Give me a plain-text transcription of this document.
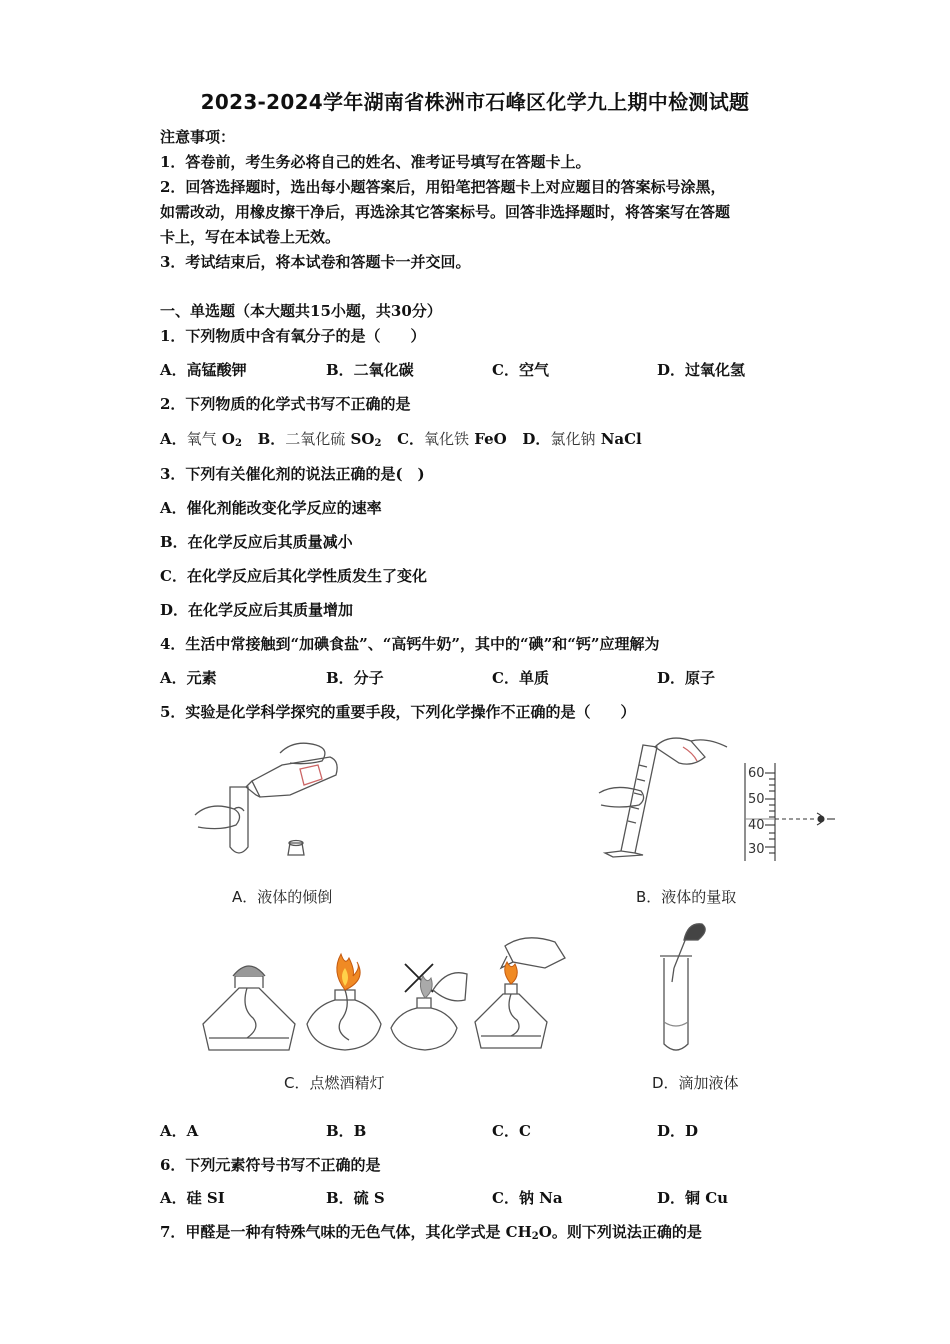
2023-2024学年湖南省株洲市石峰区化学九上期中检测试题
注意事项：
1．答卷前，考生务必将自己的姓名、准考证号填写在答题卡上。
2．回答选择题时，选出每小题答案后，用铅笔把答题卡上对应题目的答案标号涂黑，
如需改动，用橡皮擦干净后，再选涂其它答案标号。回答非选择题时，将答案写在答题
卡上，写在本试卷上无效。
3．考试结束后，将本试卷和答题卡一并交回。
一、单选题（本大题共15小题，共30分）
1．下列物质中含有氧分子的是（　　）
A．高锰酸钾	B．二氧化碳	C．空气	D．过氧化氢
2．下列物质的化学式书写不正确的是
A．氧气 $O_2$ B．二氧化硫 $SO_2$ C．氧化铁 FeO D．氯化钠 NaCl
3．下列有关催化剂的说法正确的是(　)
A．催化剂能改变化学反应的速率
B．在化学反应后其质量减小
C．在化学反应后其化学性质发生了变化
D．在化学反应后其质量增加
4．生活中常接触到“加碘食盐”、“高钙牛奶”，其中的“碘”和“钙”应理解为
A．元素	B．分子	C．单质	D．原子
5．实验是化学科学探究的重要手段，下列化学操作不正确的是（　　）
60
50
40
30
A．液体的倾倒	B．液体的量取
C．点燃酒精灯	D．滴加液体
A．A	B．B	C．C	D．D
6．下列元素符号书写不正确的是
A．硅 SI	B．硫 S	C．钠 Na	D．铜 Cu
7．甲醛是一种有特殊气味的无色气体，其化学式是 $CH_2O$。则下列说法正确的是
